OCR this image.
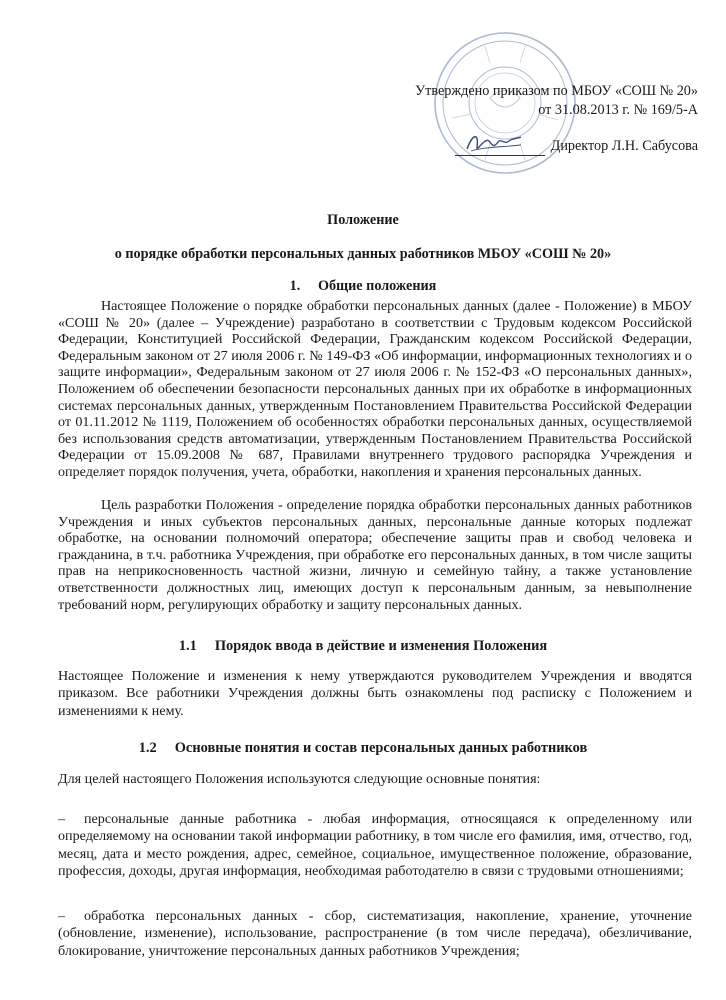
Утверждено приказом по МБОУ «СОШ № 20»
от 31.08.2013 г. № 169/5-А
Директор Л.Н. Сабусова
Положение
о порядке обработки персональных данных работников МБОУ «СОШ № 20»
1. Общие положения
Настоящее Положение о порядке обработки персональных данных (далее - Положение) в МБОУ «СОШ № 20» (далее – Учреждение) разработано в соответствии с Трудовым кодексом Российской Федерации, Конституцией Российской Федерации, Гражданским кодексом Российской Федерации, Федеральным законом от 27 июля 2006 г. № 149-ФЗ «Об информации, информационных технологиях и о защите информации», Федеральным законом от 27 июля 2006 г. № 152-ФЗ «О персональных данных», Положением об обеспечении безопасности персональных данных при их обработке в информационных системах персональных данных, утвержденным Постановлением Правительства Российской Федерации от 01.11.2012 № 1119, Положением об особенностях обработки персональных данных, осуществляемой без использования средств автоматизации, утвержденным Постановлением Правительства Российской Федерации от 15.09.2008 № 687, Правилами внутреннего трудового распорядка Учреждения и определяет порядок получения, учета, обработки, накопления и хранения персональных данных.
Цель разработки Положения - определение порядка обработки персональных данных работников Учреждения и иных субъектов персональных данных, персональные данные которых подлежат обработке, на основании полномочий оператора; обеспечение защиты прав и свобод человека и гражданина, в т.ч. работника Учреждения, при обработке его персональных данных, в том числе защиты прав на неприкосновенность частной жизни, личную и семейную тайну, а также установление ответственности должностных лиц, имеющих доступ к персональным данным, за невыполнение требований норм, регулирующих обработку и защиту персональных данных.
1.1 Порядок ввода в действие и изменения Положения
Настоящее Положение и изменения к нему утверждаются руководителем Учреждения и вводятся приказом. Все работники Учреждения должны быть ознакомлены под расписку с Положением и изменениями к нему.
1.2 Основные понятия и состав персональных данных работников
Для целей настоящего Положения используются следующие основные понятия:
– персональные данные работника - любая информация, относящаяся к определенному или определяемому на основании такой информации работнику, в том числе его фамилия, имя, отчество, год, месяц, дата и место рождения, адрес, семейное, социальное, имущественное положение, образование, профессия, доходы, другая информация, необходимая работодателю в связи с трудовыми отношениями;
– обработка персональных данных - сбор, систематизация, накопление, хранение, уточнение (обновление, изменение), использование, распространение (в том числе передача), обезличивание, блокирование, уничтожение персональных данных работников Учреждения;
